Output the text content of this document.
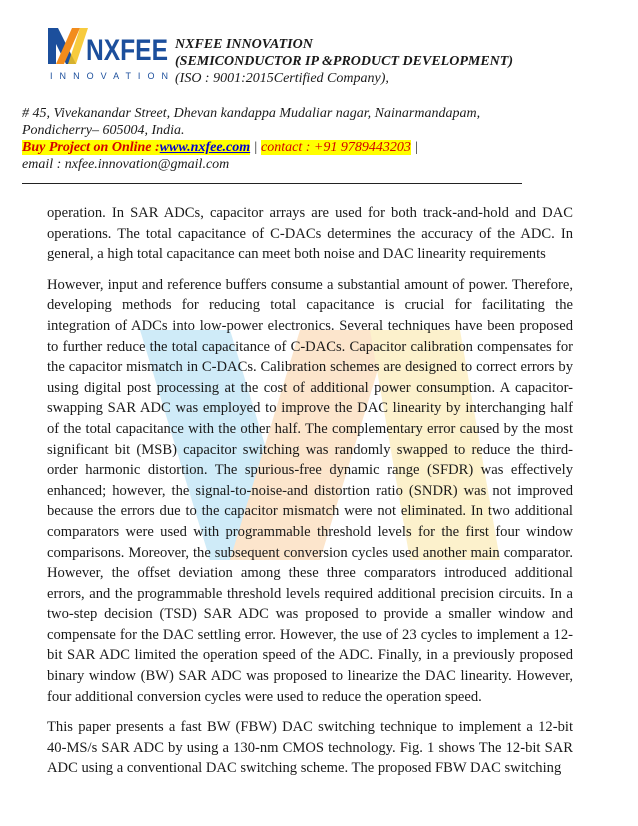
NXFEE
I N N O V A T I O N
NXFEE INNOVATION
(SEMICONDUCTOR IP &PRODUCT DEVELOPMENT)
(ISO : 9001:2015Certified Company),
# 45, Vivekanandar Street, Dhevan kandappa Mudaliar nagar, Nainarmandapam,
Pondicherry– 605004, India.
Buy Project on Online :www.nxfee.com | contact : +91 9789443203 |
email : nxfee.innovation@gmail.com

operation. In SAR ADCs, capacitor arrays are used for both track-and-hold and DAC operations. The total capacitance of C-DACs determines the accuracy of the ADC. In general, a high total capacitance can meet both noise and DAC linearity requirements

However, input and reference buffers consume a substantial amount of power. Therefore, developing methods for reducing total capacitance is crucial for facilitating the integration of ADCs into low-power electronics. Several techniques have been proposed to further reduce the total capacitance of C-DACs. Capacitor calibration compensates for the capacitor mismatch in C-DACs. Calibration schemes are designed to correct errors by using digital post processing at the cost of additional power consumption. A capacitor-swapping SAR ADC was employed to improve the DAC linearity by interchanging half of the total capacitance with the other half. The complementary error caused by the most significant bit (MSB) capacitor switching was randomly swapped to reduce the third-order harmonic distortion. The spurious-free dynamic range (SFDR) was effectively enhanced; however, the signal-to-noise-and distortion ratio (SNDR) was not improved because the errors due to the capacitor mismatch were not eliminated. In two additional comparators were used with programmable threshold levels for the first four window comparisons. Moreover, the subsequent conversion cycles used another main comparator. However, the offset deviation among these three comparators introduced additional errors, and the programmable threshold levels required additional precision circuits. In a two-step decision (TSD) SAR ADC was proposed to provide a smaller window and compensate for the DAC settling error. However, the use of 23 cycles to implement a 12-bit SAR ADC limited the operation speed of the ADC. Finally, in a previously proposed binary window (BW) SAR ADC was proposed to linearize the DAC linearity. However, four additional conversion cycles were used to reduce the operation speed.

This paper presents a fast BW (FBW) DAC switching technique to implement a 12-bit 40-MS/s SAR ADC by using a 130-nm CMOS technology. Fig. 1 shows The 12-bit SAR ADC using a conventional DAC switching scheme. The proposed FBW DAC switching
